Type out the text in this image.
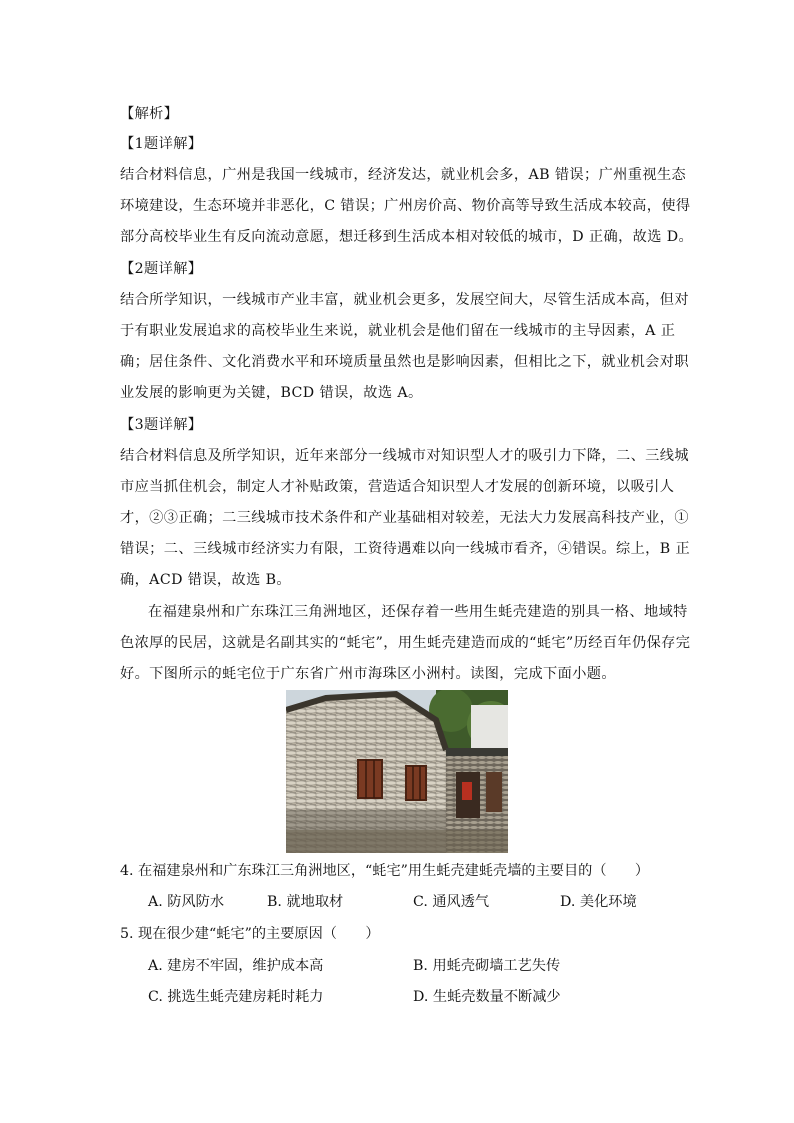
【解析】
【1题详解】
结合材料信息，广州是我国一线城市，经济发达，就业机会多，AB 错误；广州重视生态
环境建设，生态环境并非恶化，C 错误；广州房价高、物价高等导致生活成本较高，使得
部分高校毕业生有反向流动意愿，想迁移到生活成本相对较低的城市，D 正确，故选 D。
【2题详解】
结合所学知识，一线城市产业丰富，就业机会更多，发展空间大，尽管生活成本高，但对
于有职业发展追求的高校毕业生来说，就业机会是他们留在一线城市的主导因素，A 正
确；居住条件、文化消费水平和环境质量虽然也是影响因素，但相比之下，就业机会对职
业发展的影响更为关键，BCD 错误，故选 A。
【3题详解】
结合材料信息及所学知识，近年来部分一线城市对知识型人才的吸引力下降，二、三线城
市应当抓住机会，制定人才补贴政策，营造适合知识型人才发展的创新环境，以吸引人
才，②③正确；二三线城市技术条件和产业基础相对较差，无法大力发展高科技产业，①
错误；二、三线城市经济实力有限，工资待遇难以向一线城市看齐，④错误。综上，B 正
确，ACD 错误，故选 B。
在福建泉州和广东珠江三角洲地区，还保存着一些用生蚝壳建造的别具一格、地域特
色浓厚的民居，这就是名副其实的“蚝宅”，用生蚝壳建造而成的“蚝宅”历经百年仍保存完
好。下图所示的蚝宅位于广东省广州市海珠区小洲村。读图，完成下面小题。
4. 在福建泉州和广东珠江三角洲地区，“蚝宅”用生蚝壳建蚝壳墙的主要目的（　　）
A. 防风防水	B. 就地取材	C. 通风透气	D. 美化环境
5. 现在很少建“蚝宅”的主要原因（　　）
A. 建房不牢固，维护成本高	B. 用蚝壳砌墙工艺失传
C. 挑选生蚝壳建房耗时耗力	D. 生蚝壳数量不断减少
